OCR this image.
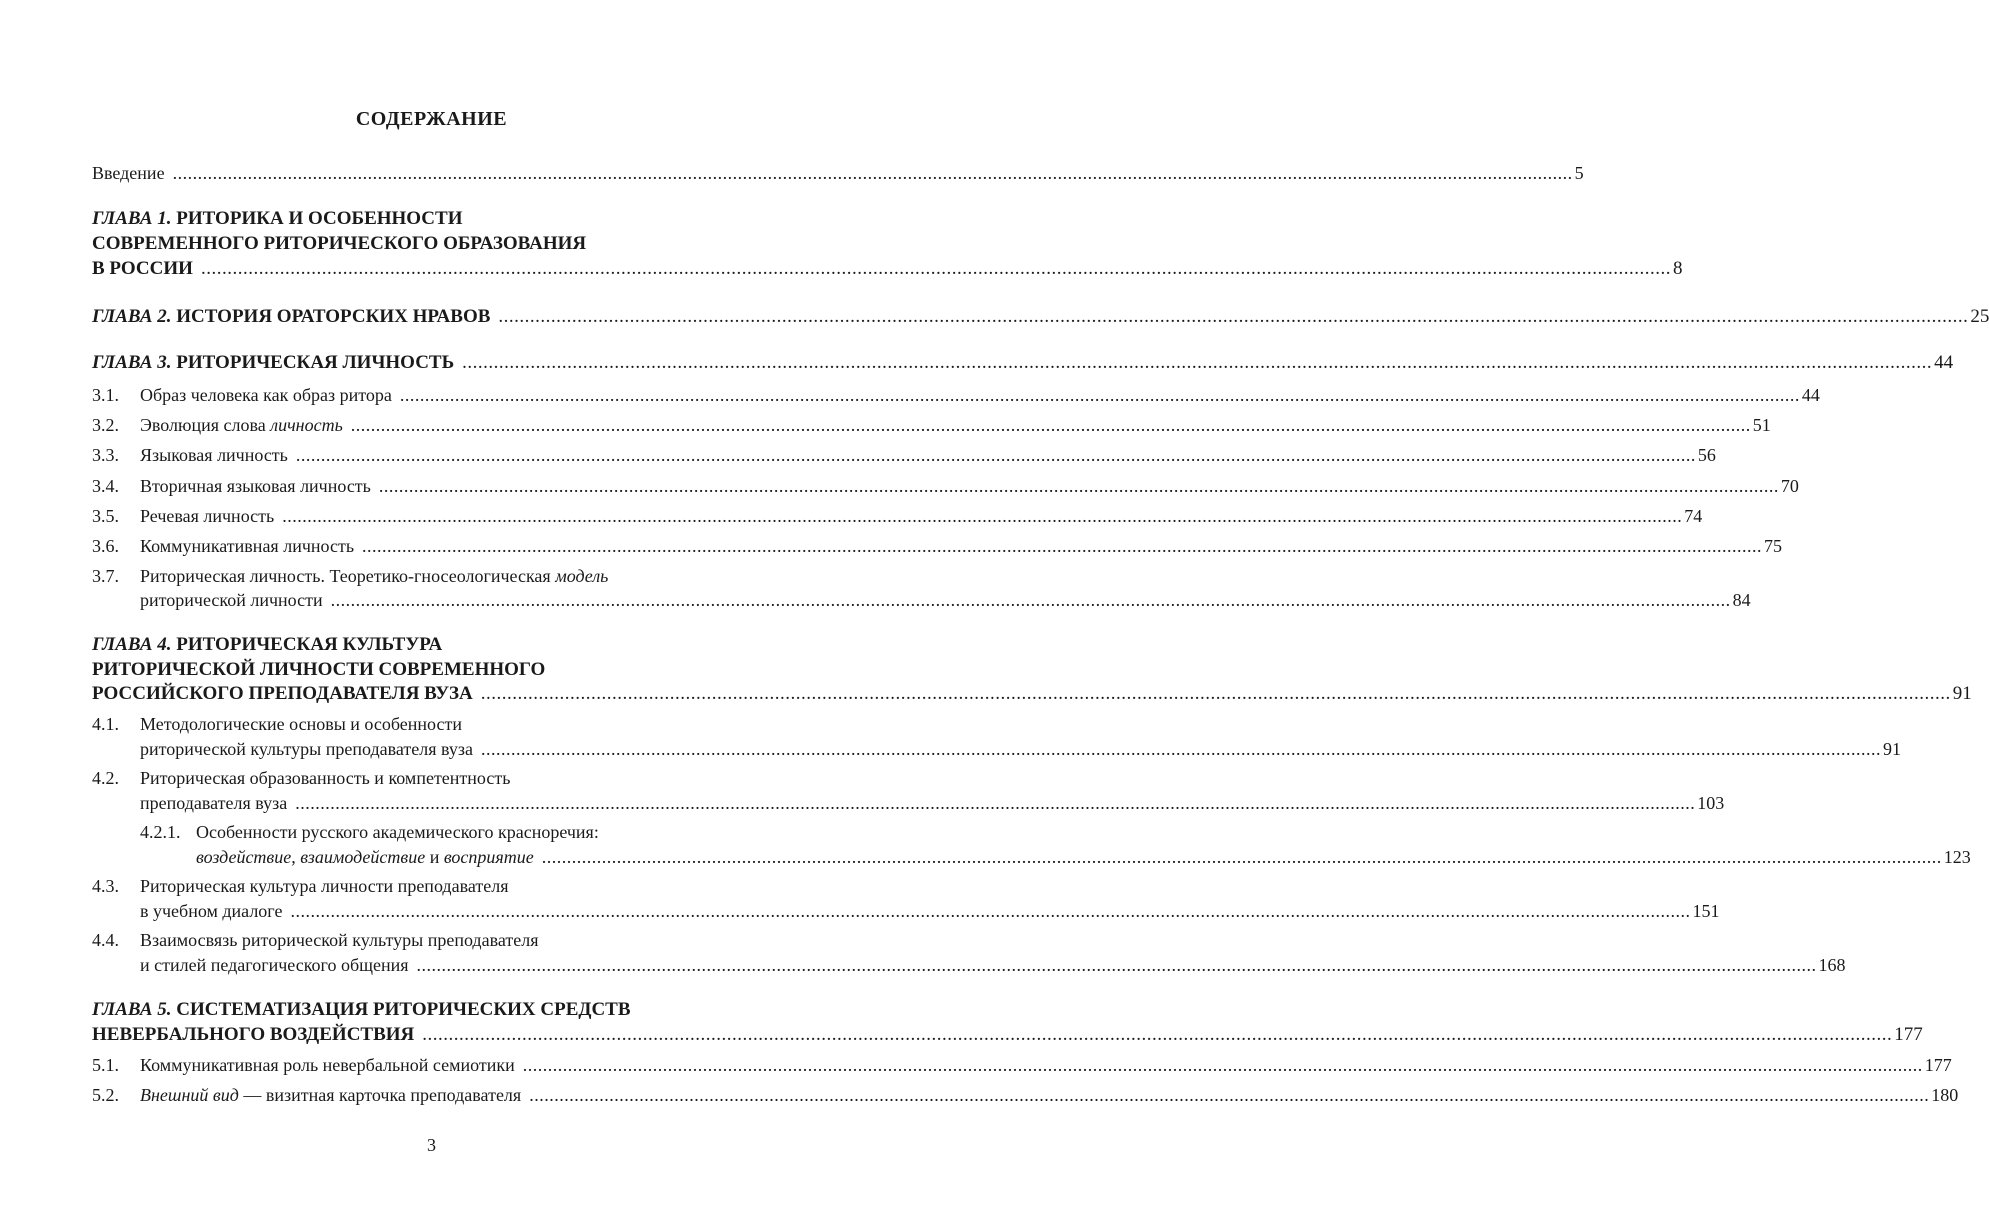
СОДЕРЖАНИЕ
Введение .....	5
ГЛАВА 1. РИТОРИКА И ОСОБЕННОСТИ
СОВРЕМЕННОГО РИТОРИЧЕСКОГО ОБРАЗОВАНИЯ
В РОССИИ .....	8
ГЛАВА 2. ИСТОРИЯ ОРАТОРСКИХ НРАВОВ .....	25
ГЛАВА 3. РИТОРИЧЕСКАЯ ЛИЧНОСТЬ .....	44
3.1.	Образ человека как образ ритора .....	44
3.2.	Эволюция слова личность .....	51
3.3.	Языковая личность .....	56
3.4.	Вторичная языковая личность .....	70
3.5.	Речевая личность .....	74
3.6.	Коммуникативная личность .....	75
3.7. Риторическая личность. Теоретико-гносеологическая модель
риторической личности .....	84
ГЛАВА 4. РИТОРИЧЕСКАЯ КУЛЬТУРА
РИТОРИЧЕСКОЙ ЛИЧНОСТИ СОВРЕМЕННОГО
РОССИЙСКОГО ПРЕПОДАВАТЕЛЯ ВУЗА .....	91
4.1. Методологические основы и особенности
риторической культуры преподавателя вуза .....	91
4.2. Риторическая образованность и компетентность
преподавателя вуза .....	103
4.2.1. Особенности русского академического красноречия:
воздействие, взаимодействие и восприятие .....	123
4.3. Риторическая культура личности преподавателя
в учебном диалоге .....	151
4.4. Взаимосвязь риторической культуры преподавателя
и стилей педагогического общения .....	168
ГЛАВА 5. СИСТЕМАТИЗАЦИЯ РИТОРИЧЕСКИХ СРЕДСТВ
НЕВЕРБАЛЬНОГО ВОЗДЕЙСТВИЯ .....	177
5.1.	Коммуникативная роль невербальной семиотики .....	177
5.2.	Внешний вид — визитная карточка преподавателя .....	180
3
